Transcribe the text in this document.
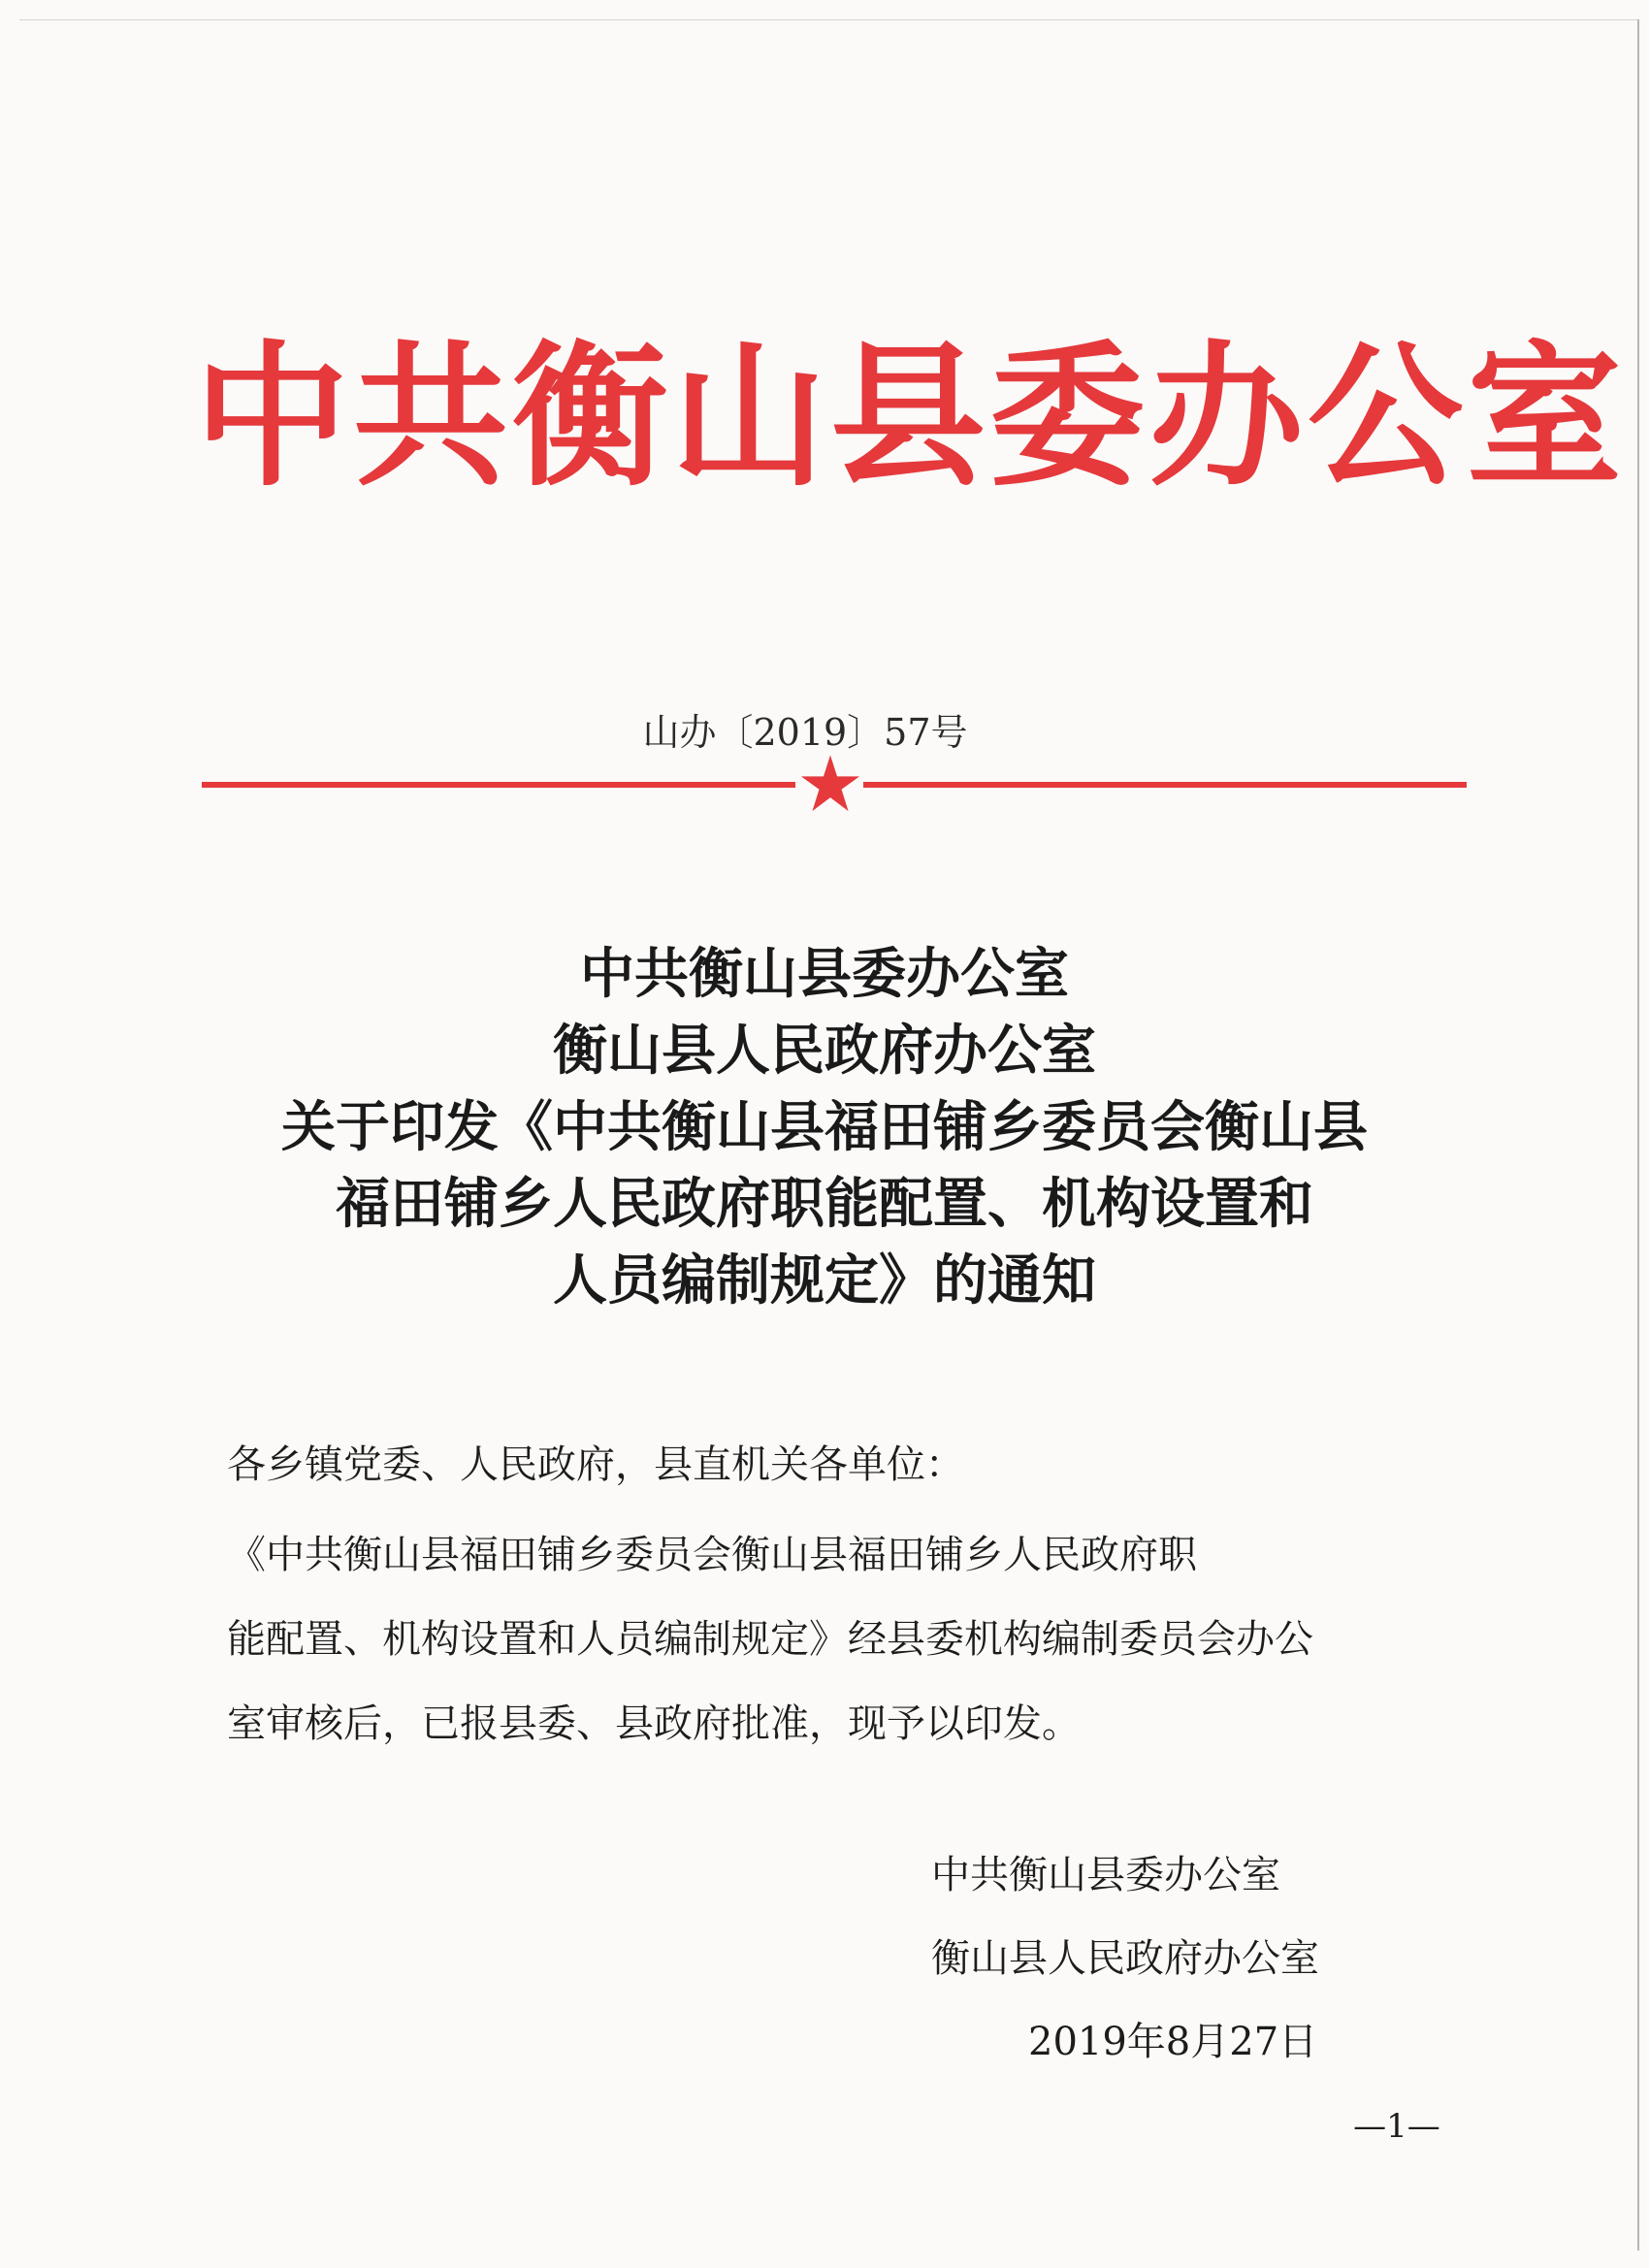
中共衡山县委办公室
山办〔2019〕57号
中共衡山县委办公室
衡山县人民政府办公室
关于印发《中共衡山县福田铺乡委员会衡山县
福田铺乡人民政府职能配置、机构设置和
人员编制规定》的通知
各乡镇党委、人民政府，县直机关各单位：
《中共衡山县福田铺乡委员会衡山县福田铺乡人民政府职
能配置、机构设置和人员编制规定》经县委机构编制委员会办公
室审核后，已报县委、县政府批准，现予以印发。
中共衡山县委办公室
衡山县人民政府办公室
2019年8月27日
—1—
